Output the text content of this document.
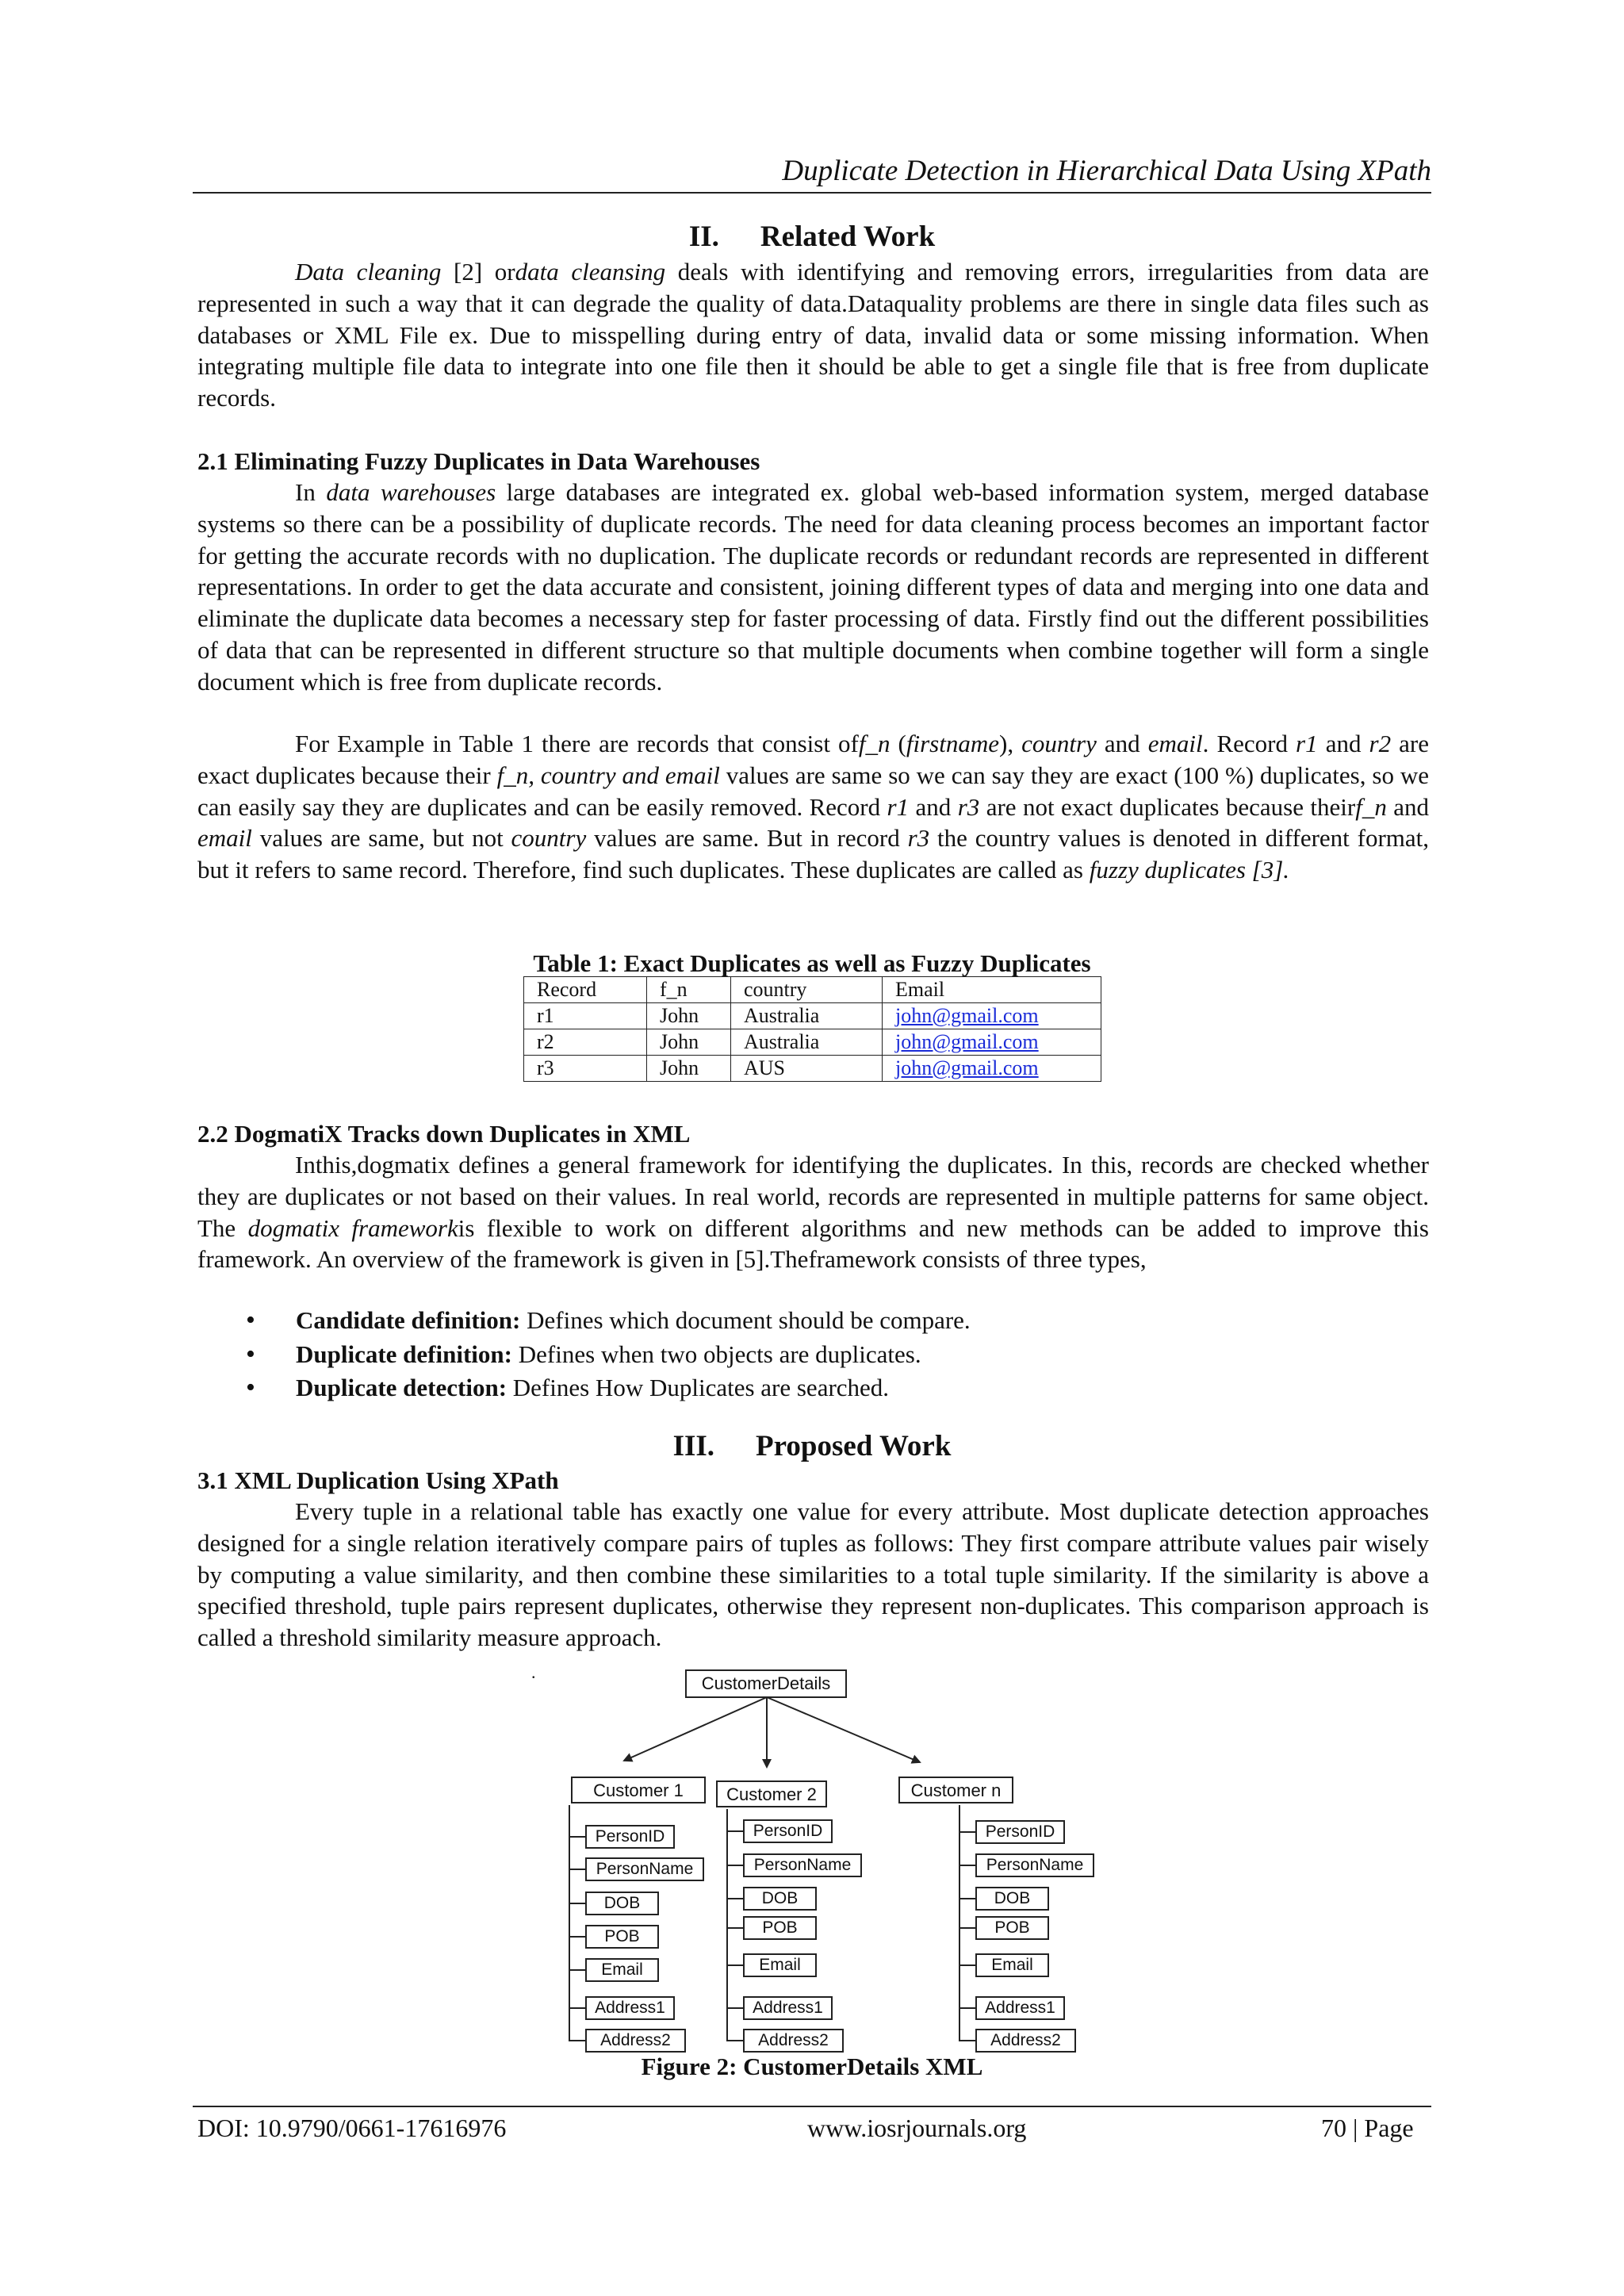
Duplicate Detection in Hierarchical Data Using XPath
II. Related Work

Data cleaning [2] ordata cleansing deals with identifying and removing errors, irregularities from data are represented in such a way that it can degrade the quality of data.Dataquality problems are there in single data files such as databases or XML File ex. Due to misspelling during entry of data, invalid data or some missing information. When integrating multiple file data to integrate into one file then it should be able to get a single file that is free from duplicate records.

2.1 Eliminating Fuzzy Duplicates in Data Warehouses

In data warehouses large databases are integrated ex. global web-based information system, merged database systems so there can be a possibility of duplicate records. The need for data cleaning process becomes an important factor for getting the accurate records with no duplication. The duplicate records or redundant records are represented in different representations. In order to get the data accurate and consistent, joining different types of data and merging into one data and eliminate the duplicate data becomes a necessary step for faster processing of data. Firstly find out the different possibilities of data that can be represented in different structure so that multiple documents when combine together will form a single document which is free from duplicate records.

For Example in Table 1 there are records that consist off_n (firstname), country and email. Record r1 and r2 are exact duplicates because their f_n, country and email values are same so we can say they are exact (100 %) duplicates, so we can easily say they are duplicates and can be easily removed. Record r1 and r3 are not exact duplicates because theirf_n and email values are same, but not country values are same. But in record r3 the country values is denoted in different format, but it refers to same record. Therefore, find such duplicates. These duplicates are called as fuzzy duplicates [3].

Table 1: Exact Duplicates as well as Fuzzy Duplicates
Record	f_n	country	Email
r1	John	Australia	john@gmail.com
r2	John	Australia	john@gmail.com
r3	John	AUS	john@gmail.com
2.2 DogmatiX Tracks down Duplicates in XML

Inthis,dogmatix defines a general framework for identifying the duplicates. In this, records are checked whether they are duplicates or not based on their values. In real world, records are represented in multiple patterns for same object. The dogmatix frameworkis flexible to work on different algorithms and new methods can be added to improve this framework. An overview of the framework is given in [5].Theframework consists of three types,

• Candidate definition: Defines which document should be compare.
• Duplicate definition: Defines when two objects are duplicates.
• Duplicate detection: Defines How Duplicates are searched.
III. Proposed Work
3.1 XML Duplication Using XPath

Every tuple in a relational table has exactly one value for every attribute. Most duplicate detection approaches designed for a single relation iteratively compare pairs of tuples as follows: They first compare attribute values pair wisely by computing a value similarity, and then combine these similarities to a total tuple similarity. If the similarity is above a specified threshold, tuple pairs represent duplicates, otherwise they represent non-duplicates. This comparison approach is called a threshold similarity measure approach.

.
CustomerDetails
Customer 1
PersonID
PersonName
DOB
POB
Email
Address1
Address2
Customer 2
PersonID
PersonName
DOB
POB
Email
Address1
Address2
Customer n
PersonID
PersonName
DOB
POB
Email
Address1
Address2
Figure 2: CustomerDetails XML
DOI: 10.9790/0661-17616976	www.iosrjournals.org	70 | Page
